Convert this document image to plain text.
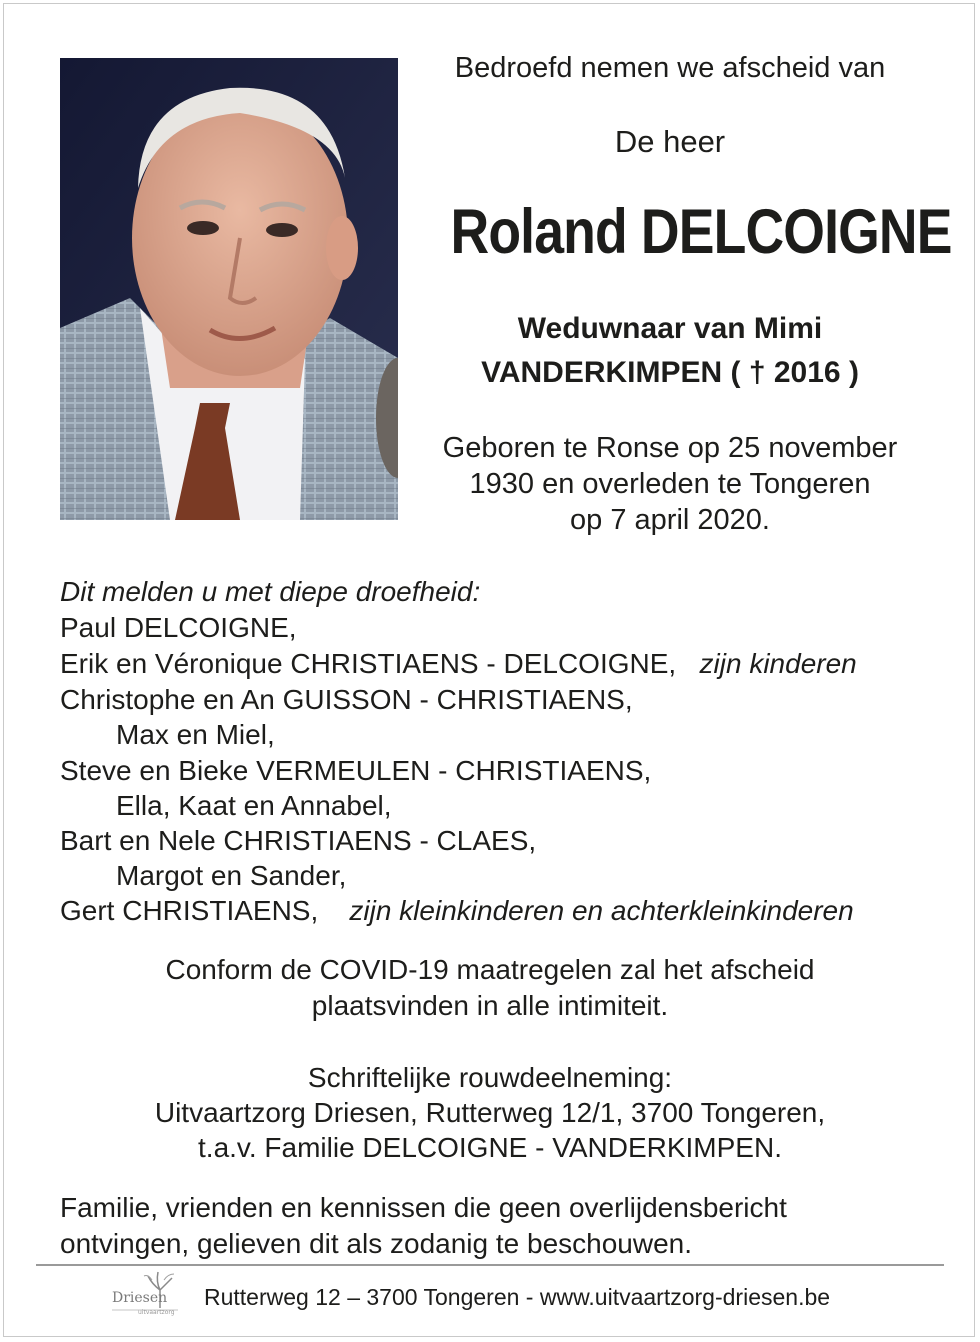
Bedroefd nemen we afscheid van
De heer
Roland DELCOIGNE
Weduwnaar van Mimi
VANDERKIMPEN ( † 2016 )
Geboren te Ronse op 25 november
1930 en overleden te Tongeren
op 7 april 2020.
Dit melden u met diepe droefheid:
Paul DELCOIGNE,
Erik en Véronique CHRISTIAENS - DELCOIGNE, zijn kinderen
Christophe en An GUISSON - CHRISTIAENS,
Max en Miel,
Steve en Bieke VERMEULEN - CHRISTIAENS,
Ella, Kaat en Annabel,
Bart en Nele CHRISTIAENS - CLAES,
Margot en Sander,
Gert CHRISTIAENS, zijn kleinkinderen en achterkleinkinderen
Conform de COVID-19 maatregelen zal het afscheid
plaatsvinden in alle intimiteit.
Schriftelijke rouwdeelneming:
Uitvaartzorg Driesen, Rutterweg 12/1, 3700 Tongeren,
t.a.v. Familie DELCOIGNE - VANDERKIMPEN.
Familie, vrienden en kennissen die geen overlijdensbericht
ontvingen, gelieven dit als zodanig te beschouwen.
Driesen
uitvaartzorg
Rutterweg 12 – 3700 Tongeren - www.uitvaartzorg-driesen.be
